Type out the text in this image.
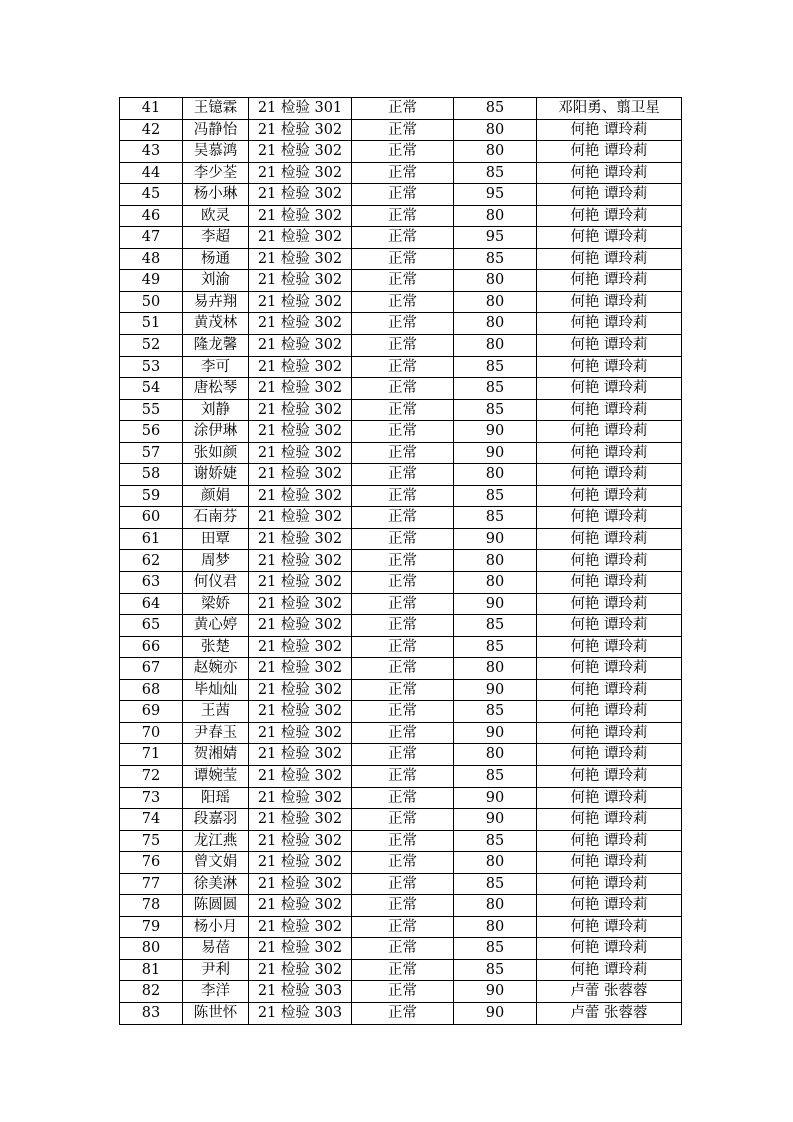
41	王镱霖	21 检验 301	正常	85	邓阳勇、翦卫星
42	冯静怡	21 检验 302	正常	80	何艳 谭玲莉
43	吴慕鸿	21 检验 302	正常	80	何艳 谭玲莉
44	李少荃	21 检验 302	正常	85	何艳 谭玲莉
45	杨小琳	21 检验 302	正常	95	何艳 谭玲莉
46	欧灵	21 检验 302	正常	80	何艳 谭玲莉
47	李超	21 检验 302	正常	95	何艳 谭玲莉
48	杨通	21 检验 302	正常	85	何艳 谭玲莉
49	刘渝	21 检验 302	正常	80	何艳 谭玲莉
50	易卉翔	21 检验 302	正常	80	何艳 谭玲莉
51	黄茂林	21 检验 302	正常	80	何艳 谭玲莉
52	隆龙馨	21 检验 302	正常	80	何艳 谭玲莉
53	李可	21 检验 302	正常	85	何艳 谭玲莉
54	唐松琴	21 检验 302	正常	85	何艳 谭玲莉
55	刘静	21 检验 302	正常	85	何艳 谭玲莉
56	涂伊琳	21 检验 302	正常	90	何艳 谭玲莉
57	张如颜	21 检验 302	正常	90	何艳 谭玲莉
58	谢娇婕	21 检验 302	正常	80	何艳 谭玲莉
59	颜娟	21 检验 302	正常	85	何艳 谭玲莉
60	石南芬	21 检验 302	正常	85	何艳 谭玲莉
61	田覃	21 检验 302	正常	90	何艳 谭玲莉
62	周梦	21 检验 302	正常	80	何艳 谭玲莉
63	何仪君	21 检验 302	正常	80	何艳 谭玲莉
64	梁娇	21 检验 302	正常	90	何艳 谭玲莉
65	黄心婷	21 检验 302	正常	85	何艳 谭玲莉
66	张楚	21 检验 302	正常	85	何艳 谭玲莉
67	赵婉亦	21 检验 302	正常	80	何艳 谭玲莉
68	毕灿灿	21 检验 302	正常	90	何艳 谭玲莉
69	王茜	21 检验 302	正常	85	何艳 谭玲莉
70	尹春玉	21 检验 302	正常	90	何艳 谭玲莉
71	贺湘婧	21 检验 302	正常	80	何艳 谭玲莉
72	谭婉莹	21 检验 302	正常	85	何艳 谭玲莉
73	阳瑶	21 检验 302	正常	90	何艳 谭玲莉
74	段嘉羽	21 检验 302	正常	90	何艳 谭玲莉
75	龙江燕	21 检验 302	正常	85	何艳 谭玲莉
76	曾文娟	21 检验 302	正常	80	何艳 谭玲莉
77	徐美淋	21 检验 302	正常	85	何艳 谭玲莉
78	陈圆圆	21 检验 302	正常	80	何艳 谭玲莉
79	杨小月	21 检验 302	正常	80	何艳 谭玲莉
80	易蓓	21 检验 302	正常	85	何艳 谭玲莉
81	尹利	21 检验 302	正常	85	何艳 谭玲莉
82	李洋	21 检验 303	正常	90	卢蕾 张蓉蓉
83	陈世怀	21 检验 303	正常	90	卢蕾 张蓉蓉
